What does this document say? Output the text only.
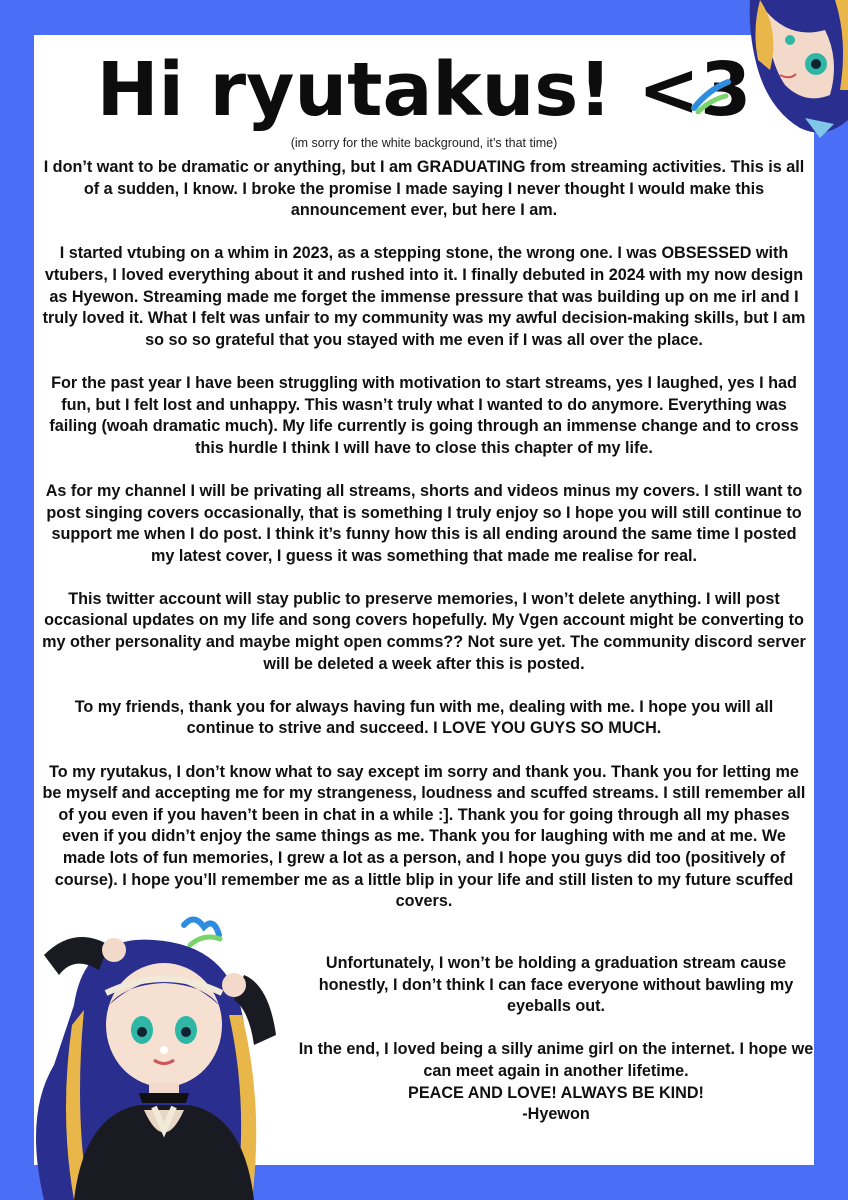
Hi ryutakus! <3
(im sorry for the white background, it’s that time)

I don’t want to be dramatic or anything, but I am GRADUATING from streaming activities. This is all of a sudden, I know. I broke the promise I made saying I never thought I would make this announcement ever, but here I am.

I started vtubing on a whim in 2023, as a stepping stone, the wrong one. I was OBSESSED with vtubers, I loved everything about it and rushed into it. I finally debuted in 2024 with my now design as Hyewon. Streaming made me forget the immense pressure that was building up on me irl and I truly loved it. What I felt was unfair to my community was my awful decision-making skills, but I am so so so grateful that you stayed with me even if I was all over the place.

For the past year I have been struggling with motivation to start streams, yes I laughed, yes I had fun, but I felt lost and unhappy. This wasn’t truly what I wanted to do anymore. Everything was failing (woah dramatic much). My life currently is going through an immense change and to cross this hurdle I think I will have to close this chapter of my life.

As for my channel I will be privating all streams, shorts and videos minus my covers. I still want to post singing covers occasionally, that is something I truly enjoy so I hope you will still continue to support me when I do post. I think it’s funny how this is all ending around the same time I posted my latest cover, I guess it was something that made me realise for real.

This twitter account will stay public to preserve memories, I won’t delete anything. I will post occasional updates on my life and song covers hopefully. My Vgen account might be converting to my other personality and maybe might open comms?? Not sure yet. The community discord server will be deleted a week after this is posted.

To my friends, thank you for always having fun with me, dealing with me. I hope you will all continue to strive and succeed. I LOVE YOU GUYS SO MUCH.

To my ryutakus, I don’t know what to say except im sorry and thank you. Thank you for letting me be myself and accepting me for my strangeness, loudness and scuffed streams. I still remember all of you even if you haven’t been in chat in a while :]. Thank you for going through all my phases even if you didn’t enjoy the same things as me. Thank you for laughing with me and at me. We made lots of fun memories, I grew a lot as a person, and I hope you guys did too (positively of course). I hope you’ll remember me as a little blip in your life and still listen to my future scuffed covers.

Unfortunately, I won’t be holding a graduation stream cause honestly, I don’t think I can face everyone without bawling my eyeballs out.

In the end, I loved being a silly anime girl on the internet. I hope we can meet again in another lifetime.
PEACE AND LOVE! ALWAYS BE KIND!
-Hyewon
